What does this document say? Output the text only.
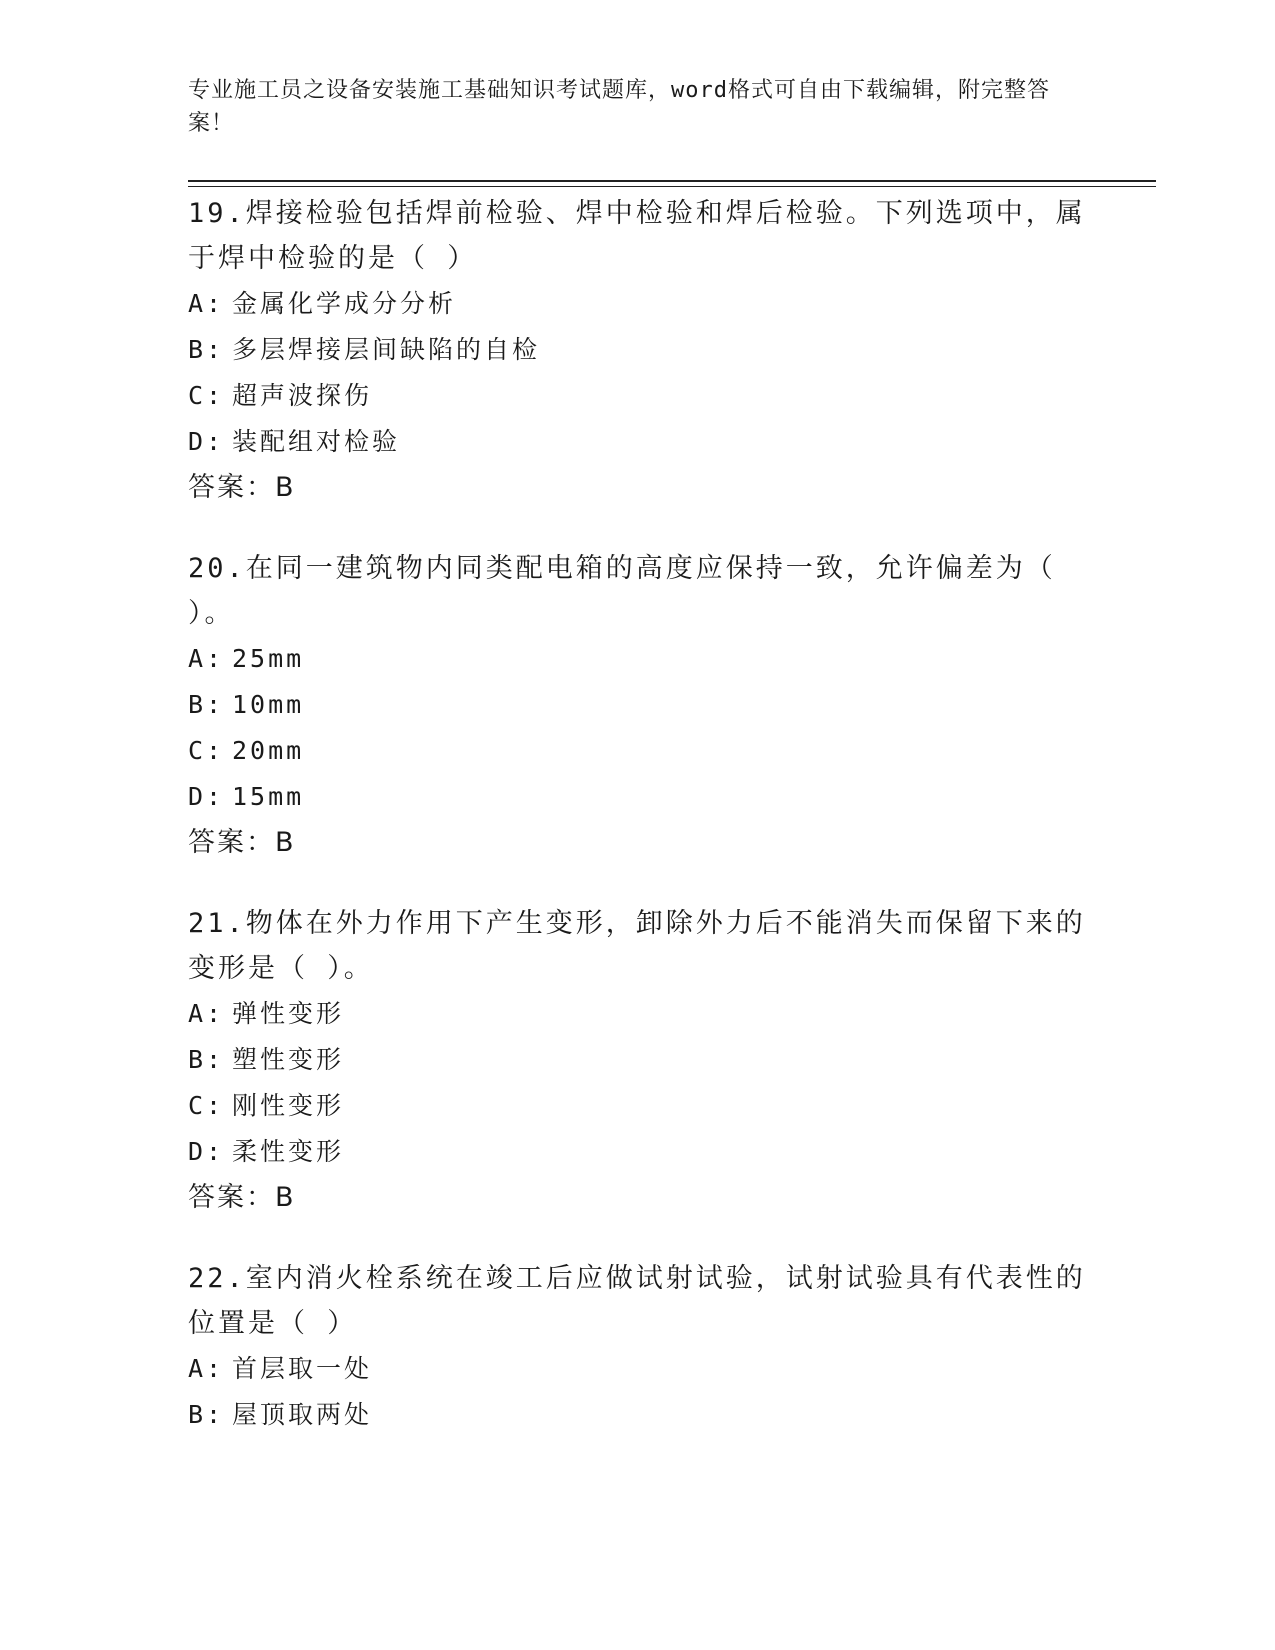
专业施工员之设备安装施工基础知识考试题库，word格式可自由下载编辑，附完整答案！

19.焊接检验包括焊前检验、焊中检验和焊后检验。下列选项中，属于焊中检验的是（ ）

A: 金属化学成分分析

B: 多层焊接层间缺陷的自检

C: 超声波探伤

D: 装配组对检验

答案：B

20.在同一建筑物内同类配电箱的高度应保持一致，允许偏差为（ ）。

A: 25mm

B: 10mm

C: 20mm

D: 15mm

答案：B

21.物体在外力作用下产生变形，卸除外力后不能消失而保留下来的变形是（ ）。

A: 弹性变形

B: 塑性变形

C: 刚性变形

D: 柔性变形

答案：B

22.室内消火栓系统在竣工后应做试射试验，试射试验具有代表性的位置是（ ）

A: 首层取一处

B: 屋顶取两处
